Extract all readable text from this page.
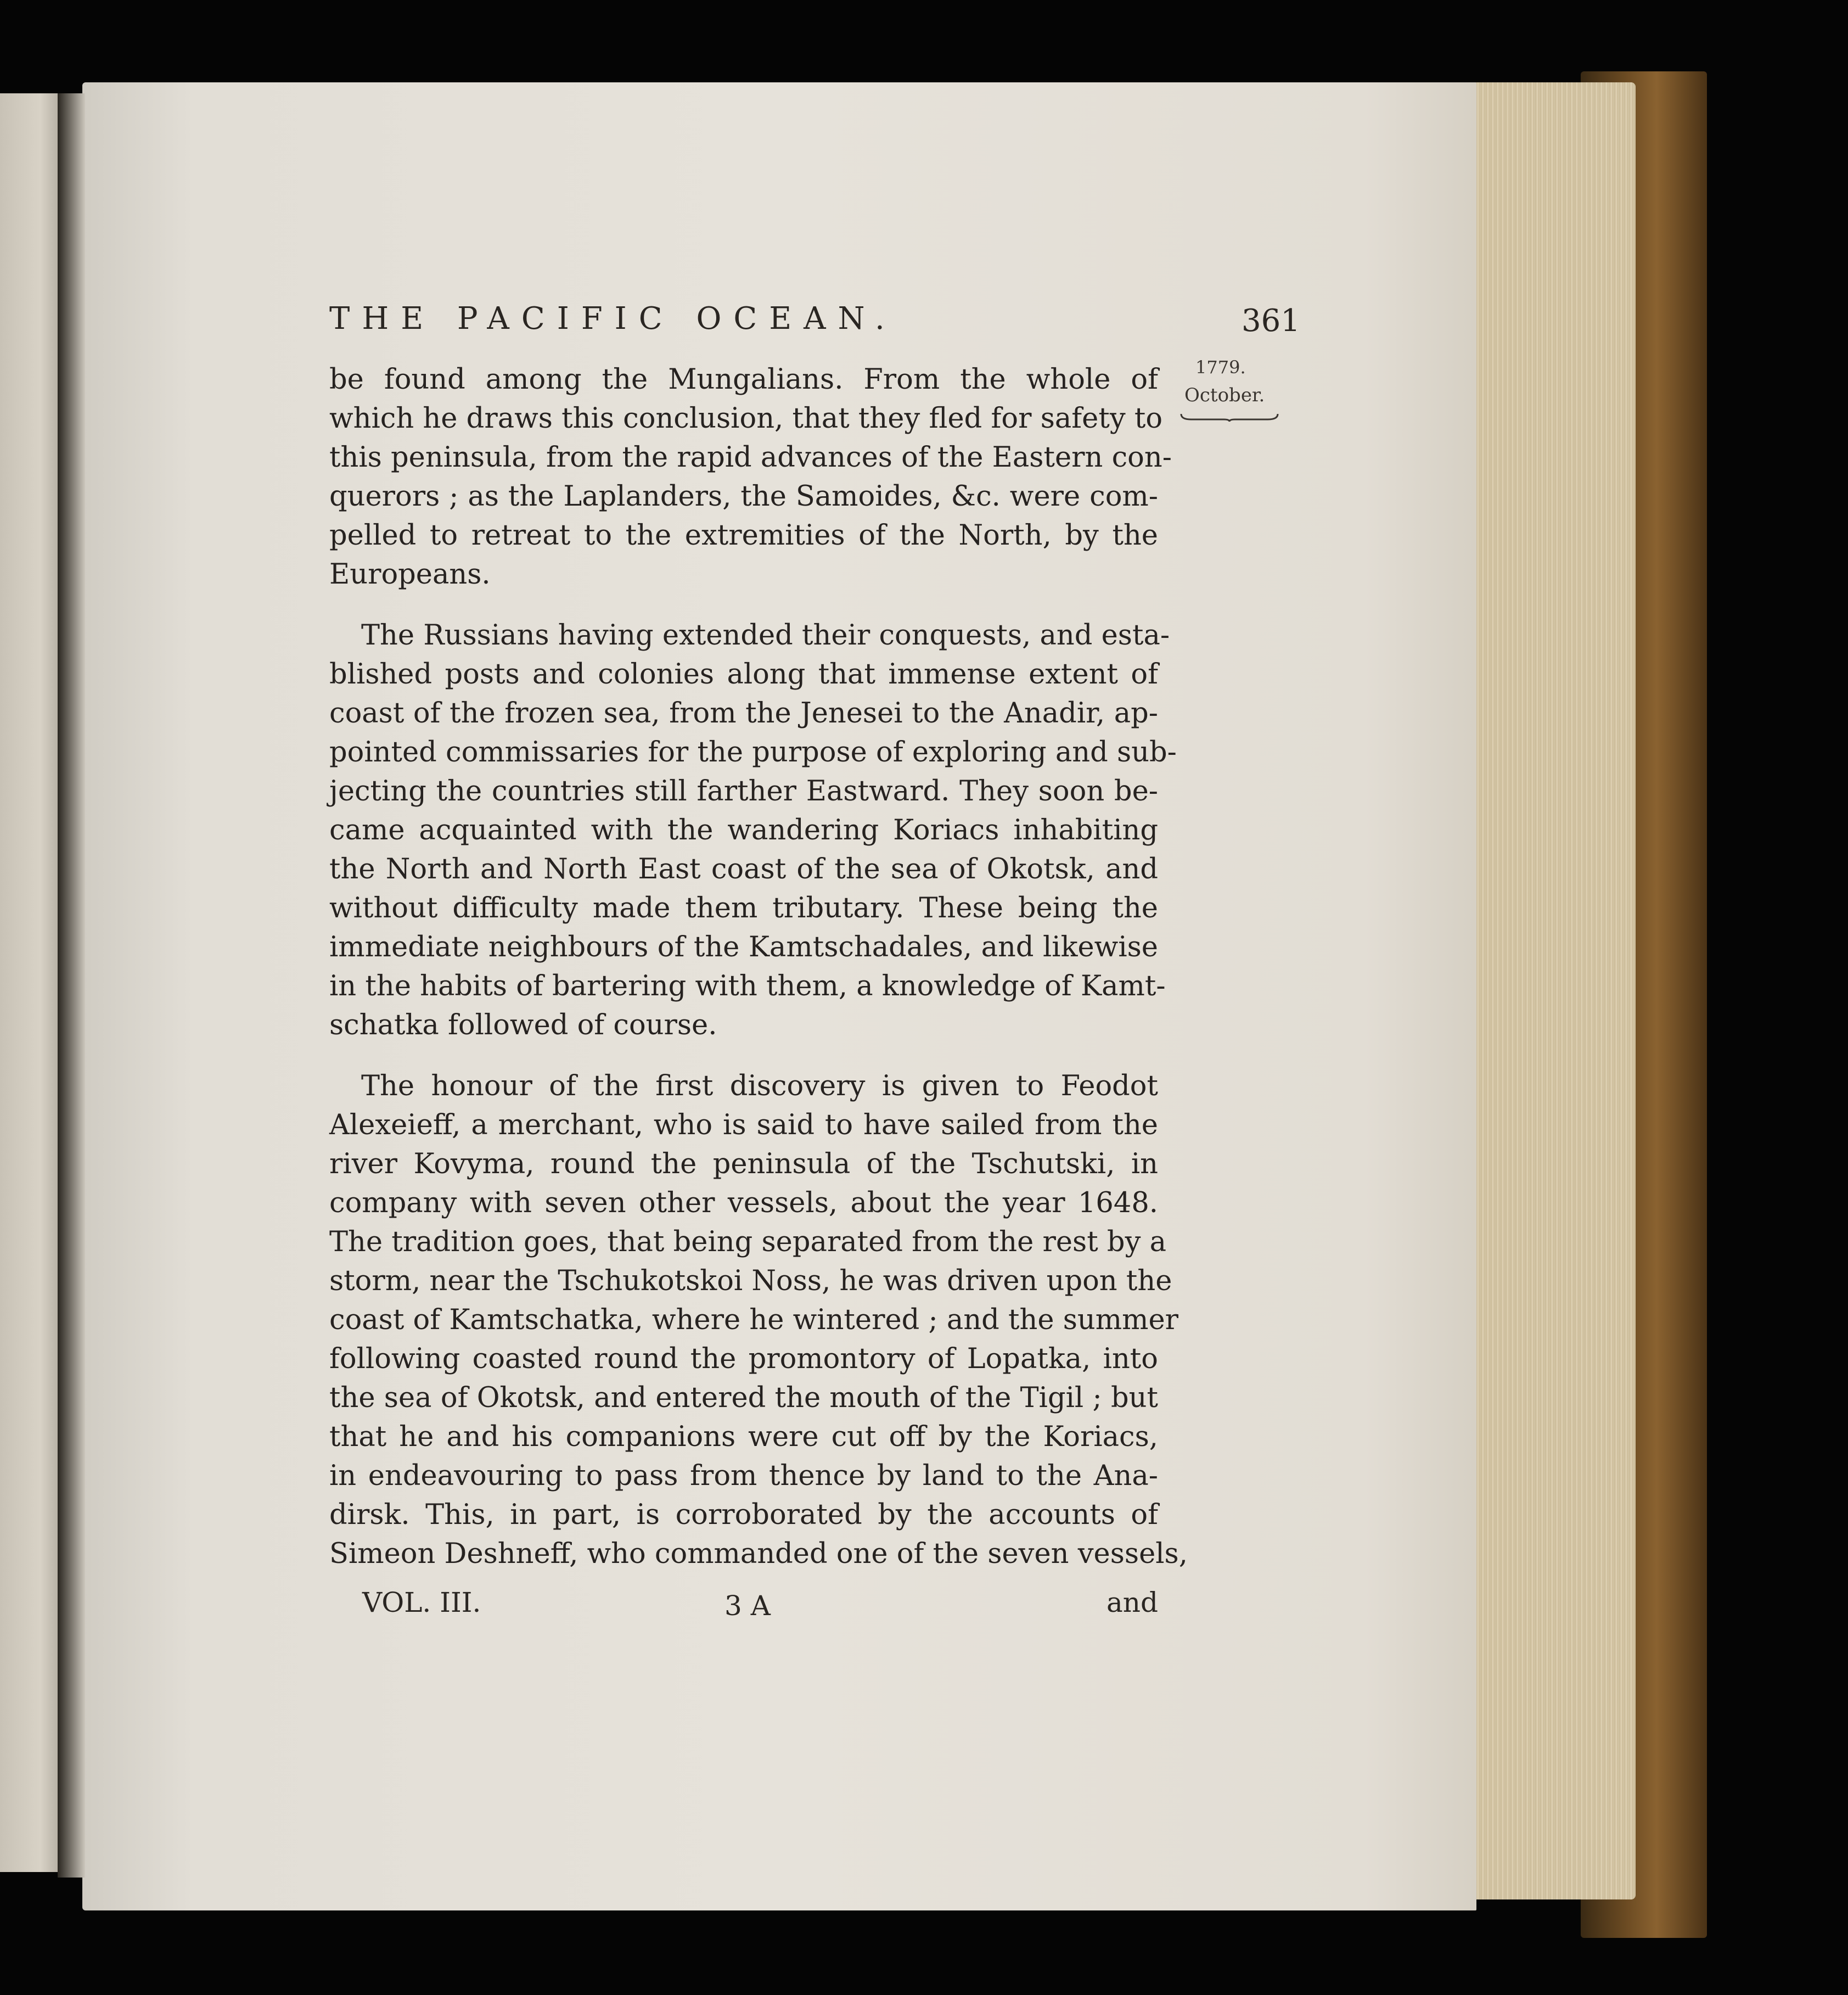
THE PACIFIC OCEAN.	361
1779.
October.
be found among the Mungalians. From the whole of
which he draws this conclusion, that they fled for safety to
this peninsula, from the rapid advances of the Eastern con-
querors ; as the Laplanders, the Samoides, &c. were com-
pelled to retreat to the extremities of the North, by the
Europeans.
The Russians having extended their conquests, and esta-
blished posts and colonies along that immense extent of
coast of the frozen sea, from the Jenesei to the Anadir, ap-
pointed commissaries for the purpose of exploring and sub-
jecting the countries still farther Eastward. They soon be-
came acquainted with the wandering Koriacs inhabiting
the North and North East coast of the sea of Okotsk, and
without difficulty made them tributary. These being the
immediate neighbours of the Kamtschadales, and likewise
in the habits of bartering with them, a knowledge of Kamt-
schatka followed of course.
The honour of the first discovery is given to Feodot
Alexeieff, a merchant, who is said to have sailed from the
river Kovyma, round the peninsula of the Tschutski, in
company with seven other vessels, about the year 1648.
The tradition goes, that being separated from the rest by a
storm, near the Tschukotskoi Noss, he was driven upon the
coast of Kamtschatka, where he wintered ; and the summer
following coasted round the promontory of Lopatka, into
the sea of Okotsk, and entered the mouth of the Tigil ; but
that he and his companions were cut off by the Koriacs,
in endeavouring to pass from thence by land to the Ana-
dirsk. This, in part, is corroborated by the accounts of
Simeon Deshneff, who commanded one of the seven vessels,
VOL. III.	3 A	and
